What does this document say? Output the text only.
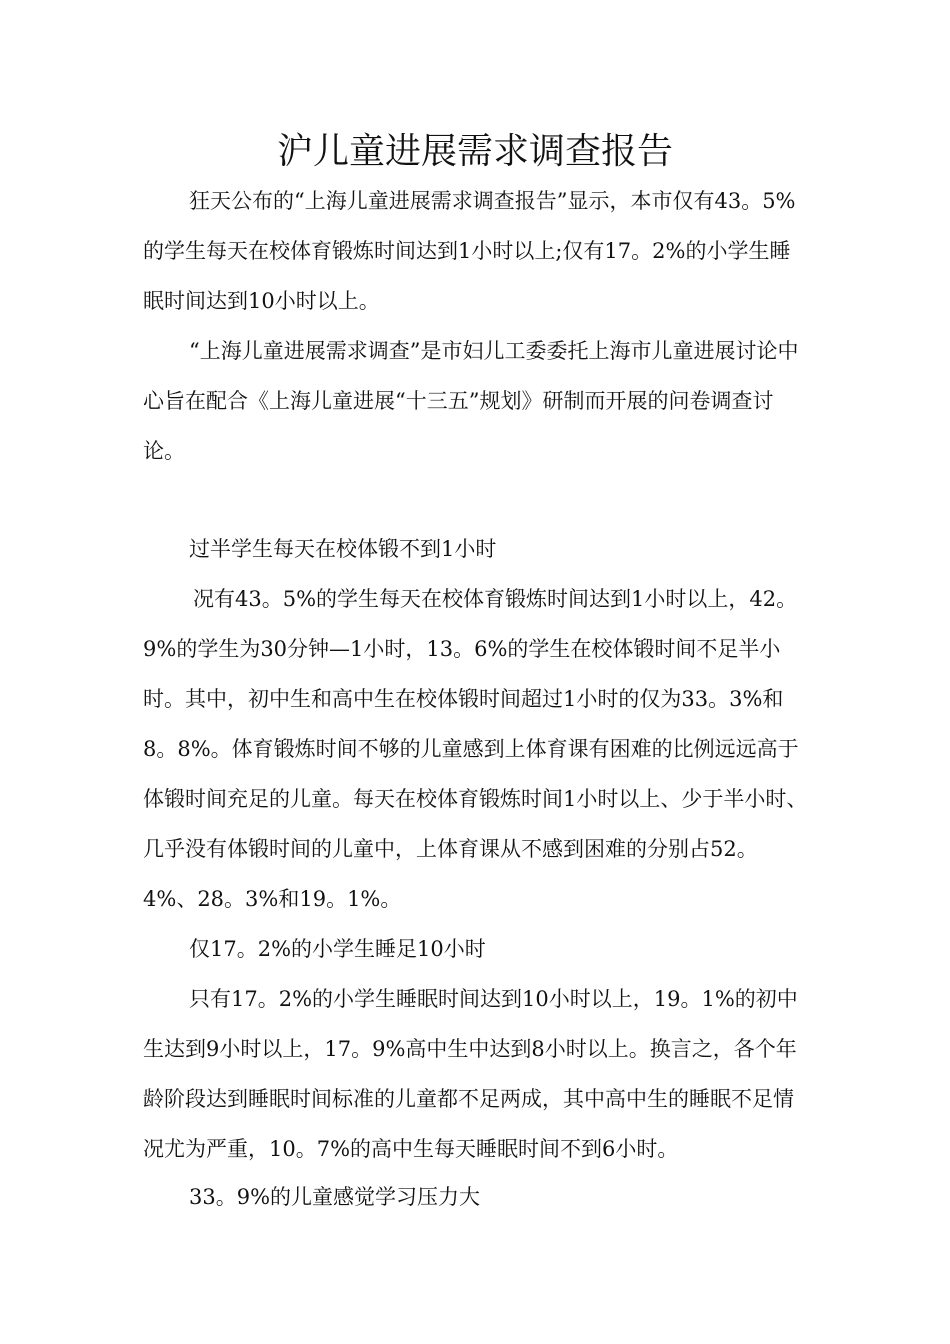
沪儿童进展需求调查报告

狂天公布的“上海儿童进展需求调查报告”显示，本市仅有43。5%的学生每天在校体育锻炼时间达到1小时以上;仅有17。2%的小学生睡眠时间达到10小时以上。

“上海儿童进展需求调查”是市妇儿工委委托上海市儿童进展讨论中心旨在配合《上海儿童进展“十三五”规划》研制而开展的问卷调查讨论。

过半学生每天在校体锻不到1小时

况有43。5%的学生每天在校体育锻炼时间达到1小时以上，42。9%的学生为30分钟—1小时，13。6%的学生在校体锻时间不足半小时。其中，初中生和高中生在校体锻时间超过1小时的仅为33。3%和8。8%。体育锻炼时间不够的儿童感到上体育课有困难的比例远远高于体锻时间充足的儿童。每天在校体育锻炼时间1小时以上、少于半小时、几乎没有体锻时间的儿童中，上体育课从不感到困难的分别占52。4%、28。3%和19。1%。

仅17。2%的小学生睡足10小时

只有17。2%的小学生睡眠时间达到10小时以上，19。1%的初中生达到9小时以上，17。9%高中生中达到8小时以上。换言之，各个年龄阶段达到睡眠时间标准的儿童都不足两成，其中高中生的睡眠不足情况尤为严重，10。7%的高中生每天睡眠时间不到6小时。

33。9%的儿童感觉学习压力大
